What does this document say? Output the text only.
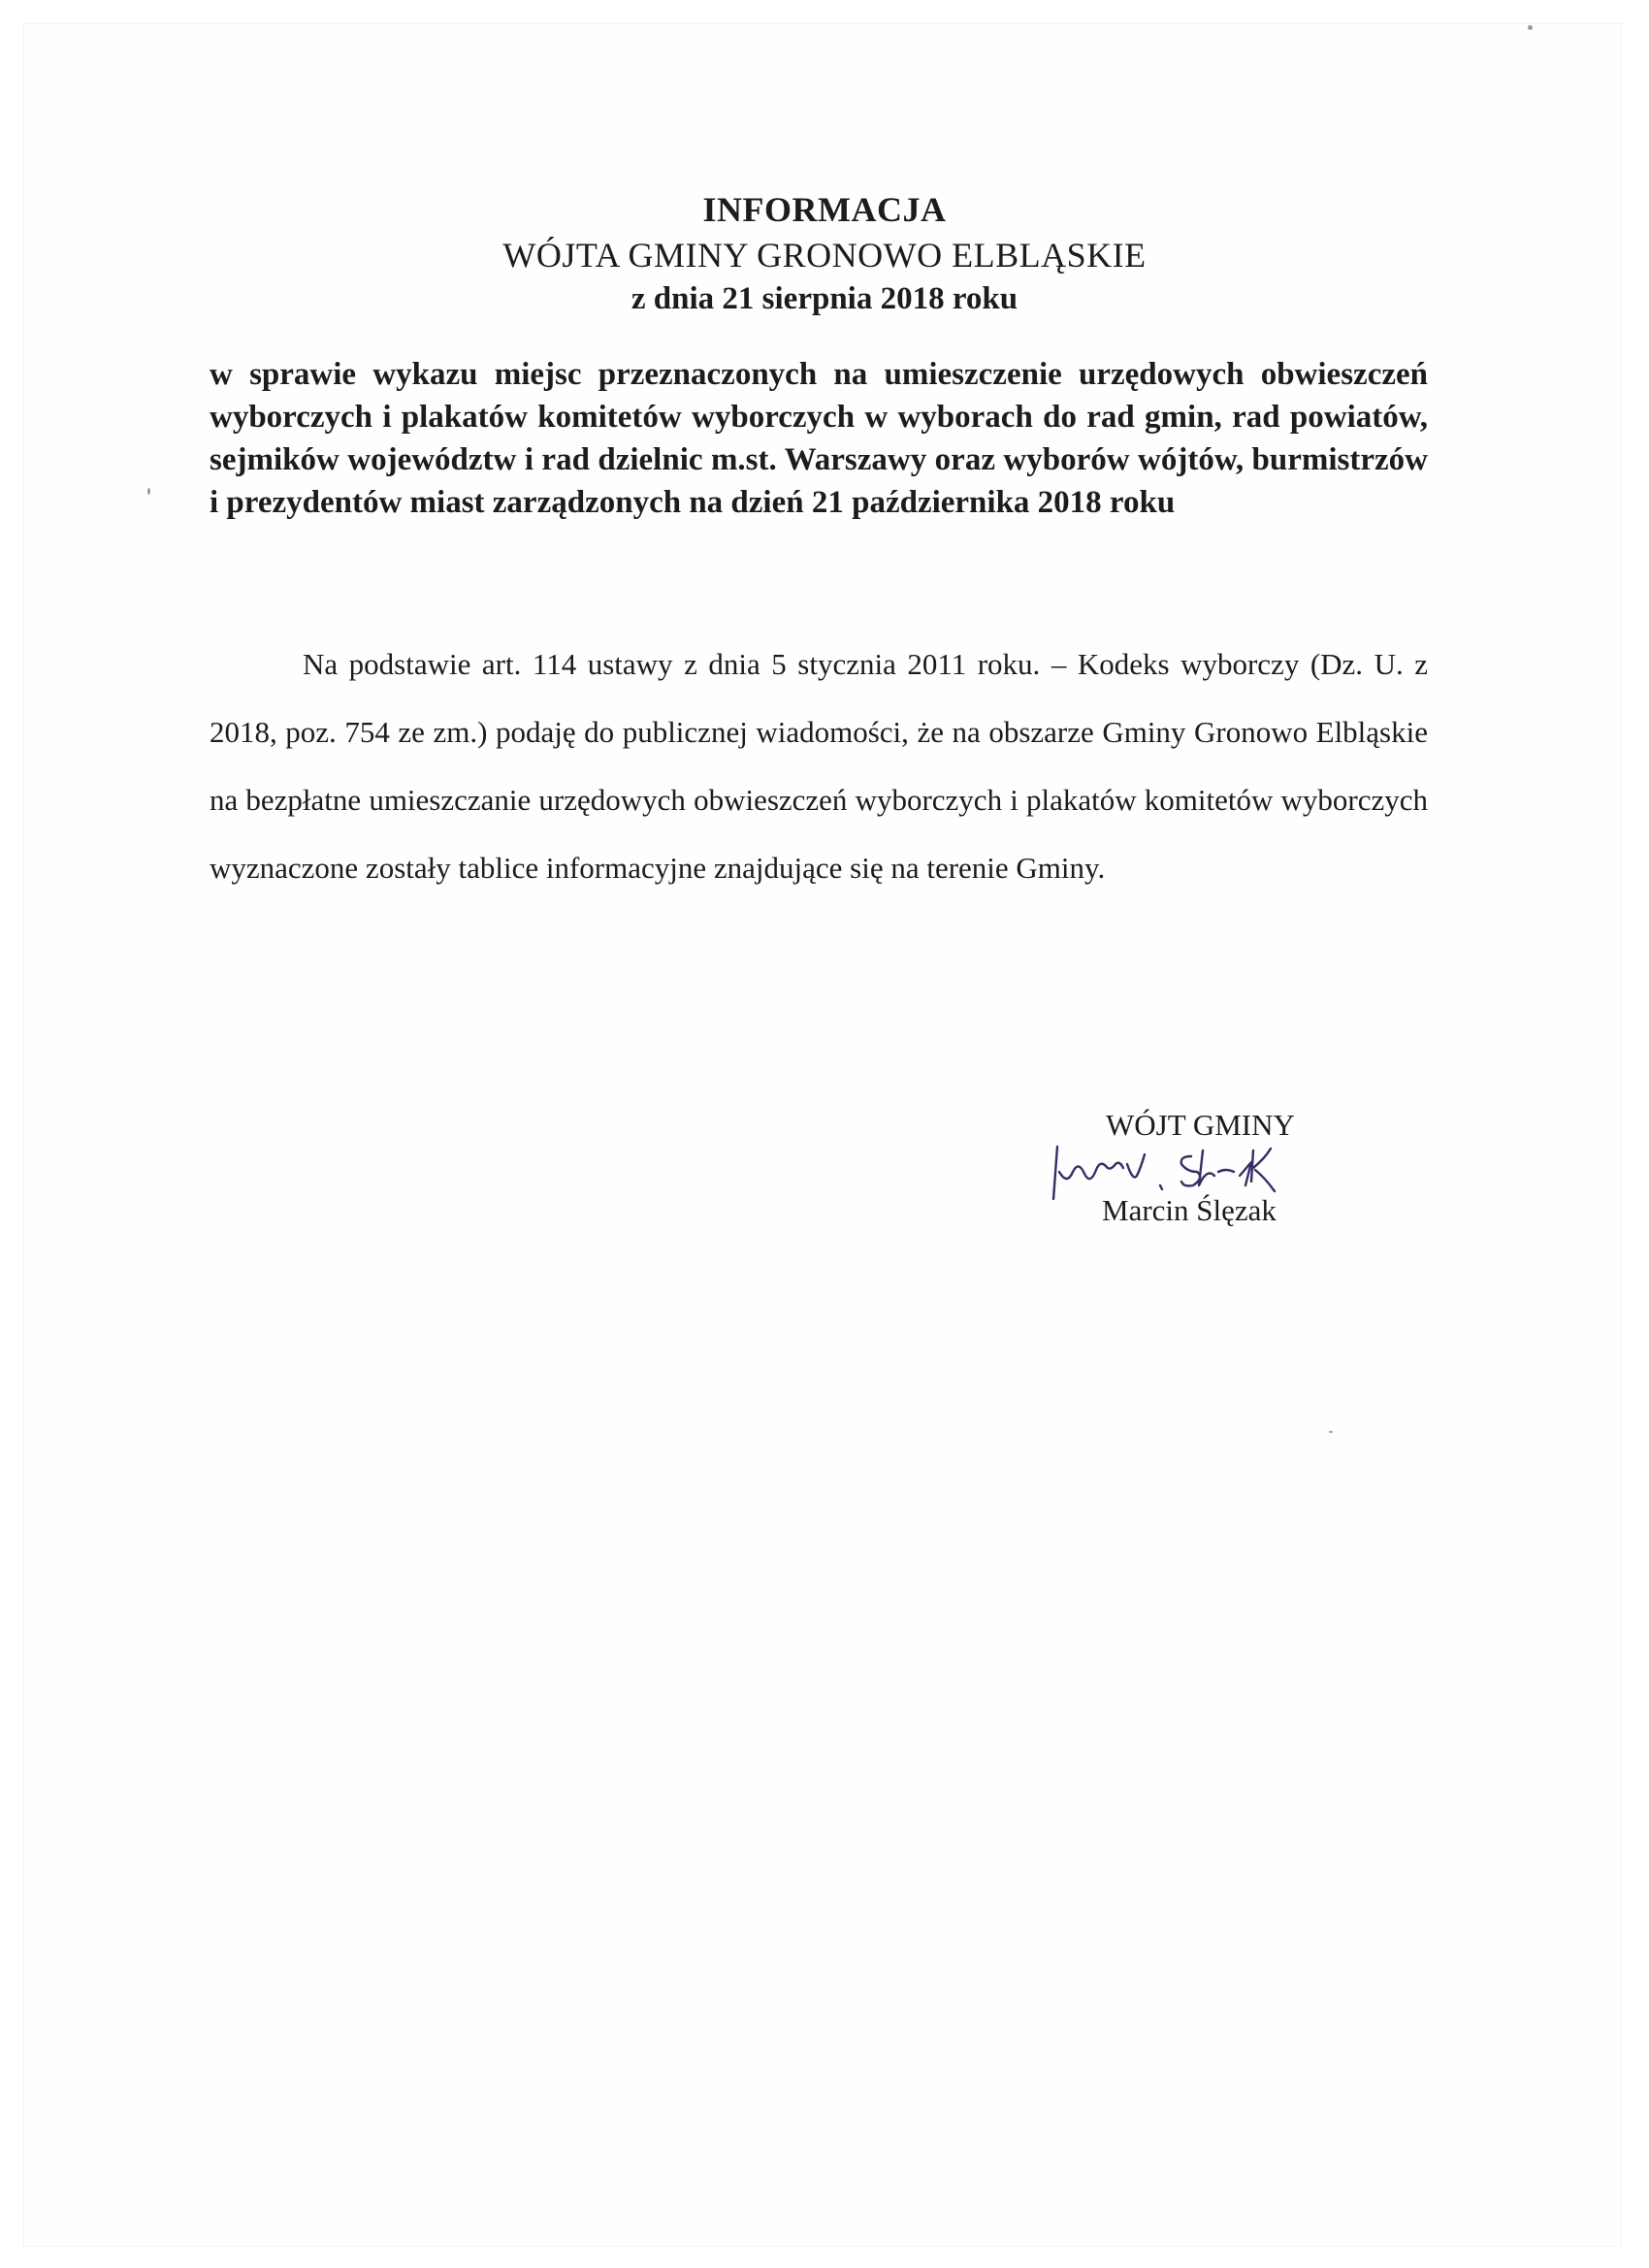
INFORMACJA
WÓJTA GMINY GRONOWO ELBLĄSKIE
z dnia 21 sierpnia 2018 roku
w sprawie wykazu miejsc przeznaczonych na umieszczenie urzędowych obwieszczeń wyborczych i plakatów komitetów wyborczych w wyborach do rad gmin, rad powiatów, sejmików województw i rad dzielnic m.st. Warszawy oraz wyborów wójtów, burmistrzów i prezydentów miast zarządzonych na dzień 21 października 2018 roku
Na podstawie art. 114 ustawy z dnia 5 stycznia 2011 roku. – Kodeks wyborczy (Dz. U. z 2018, poz. 754 ze zm.) podaję do publicznej wiadomości, że na obszarze Gminy Gronowo Elbląskie na bezpłatne umieszczanie urzędowych obwieszczeń wyborczych i plakatów komitetów wyborczych wyznaczone zostały tablice informacyjne znajdujące się na terenie Gminy.
WÓJT GMINY
Marcin Ślęzak
